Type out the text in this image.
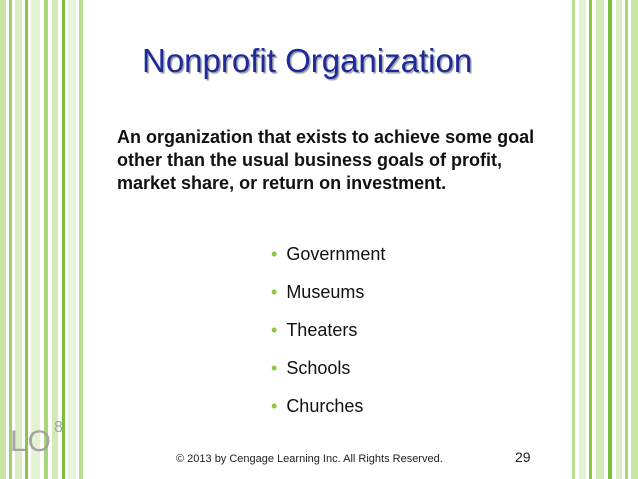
Nonprofit Organization

An organization that exists to achieve some goal other than the usual business goals of profit, market share, or return on investment.

• Government
• Museums
• Theaters
• Schools
• Churches
LO $^8$
© 2013 by Cengage Learning Inc. All Rights Reserved.	29
